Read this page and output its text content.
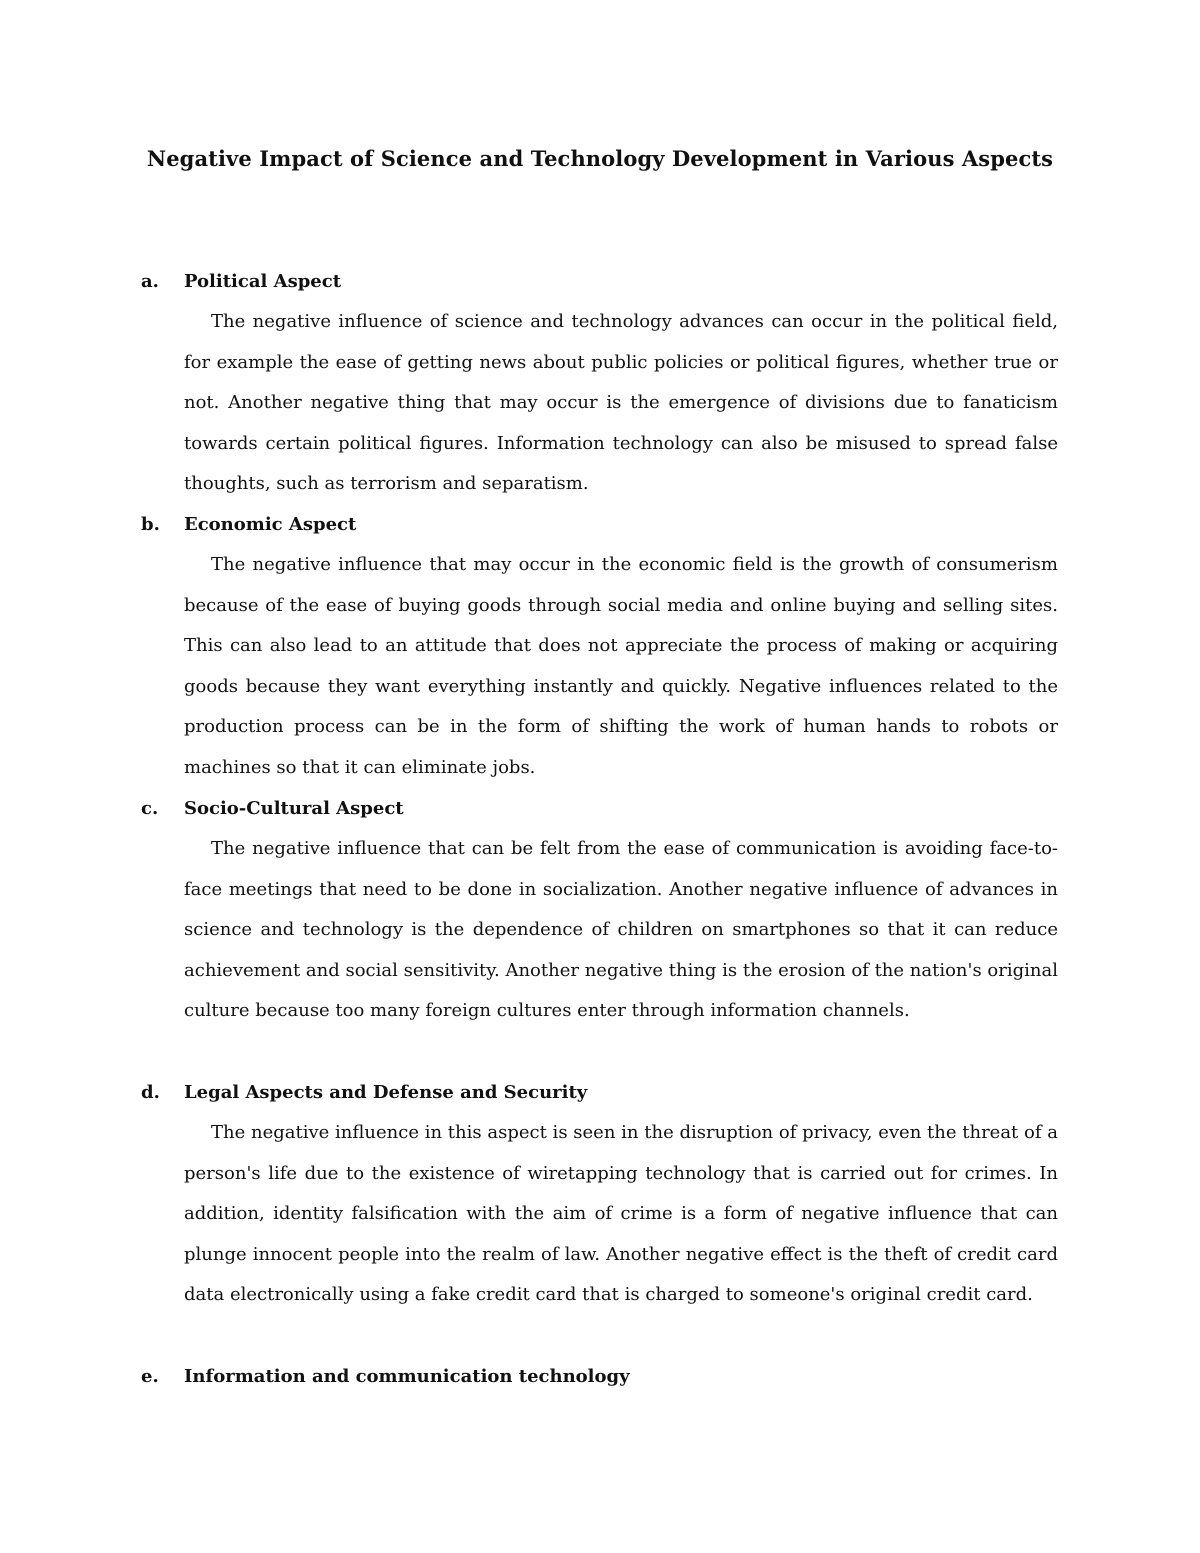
Negative Impact of Science and Technology Development in Various Aspects
a. Political Aspect

The negative influence of science and technology advances can occur in the political field, for example the ease of getting news about public policies or political figures, whether true or not. Another negative thing that may occur is the emergence of divisions due to fanaticism towards certain political figures. Information technology can also be misused to spread false thoughts, such as terrorism and separatism.

b. Economic Aspect

The negative influence that may occur in the economic field is the growth of consumerism because of the ease of buying goods through social media and online buying and selling sites. This can also lead to an attitude that does not appreciate the process of making or acquiring goods because they want everything instantly and quickly. Negative influences related to the production process can be in the form of shifting the work of human hands to robots or machines so that it can eliminate jobs.

c. Socio-Cultural Aspect

The negative influence that can be felt from the ease of communication is avoiding face-to-face meetings that need to be done in socialization. Another negative influence of advances in science and technology is the dependence of children on smartphones so that it can reduce achievement and social sensitivity. Another negative thing is the erosion of the nation's original culture because too many foreign cultures enter through information channels.

d. Legal Aspects and Defense and Security

The negative influence in this aspect is seen in the disruption of privacy, even the threat of a person's life due to the existence of wiretapping technology that is carried out for crimes. In addition, identity falsification with the aim of crime is a form of negative influence that can plunge innocent people into the realm of law. Another negative effect is the theft of credit card data electronically using a fake credit card that is charged to someone's original credit card.

e. Information and communication technology
